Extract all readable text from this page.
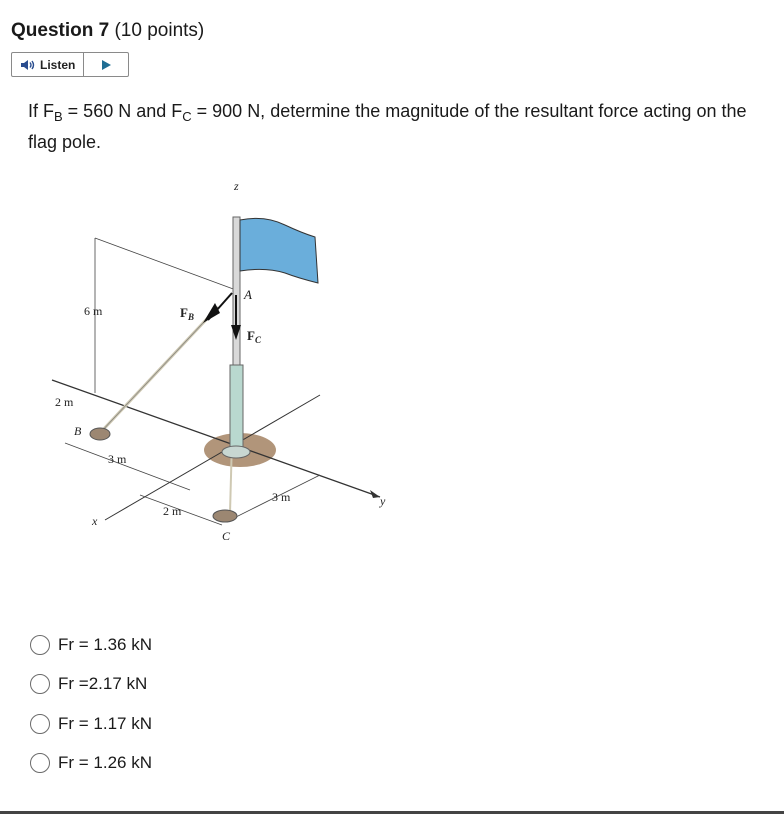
Question 7 (10 points)
Listen
If $F_B = 560$ N and $F_C = 900$ N, determine the magnitude of the resultant force acting on the flag pole.
z
A
$F_B$
$F_C$
6 m
2 m
B
3 m
2 m
x
C
3 m	y
Fr = 1.36 kN
Fr =2.17 kN
Fr = 1.17 kN
Fr = 1.26 kN
